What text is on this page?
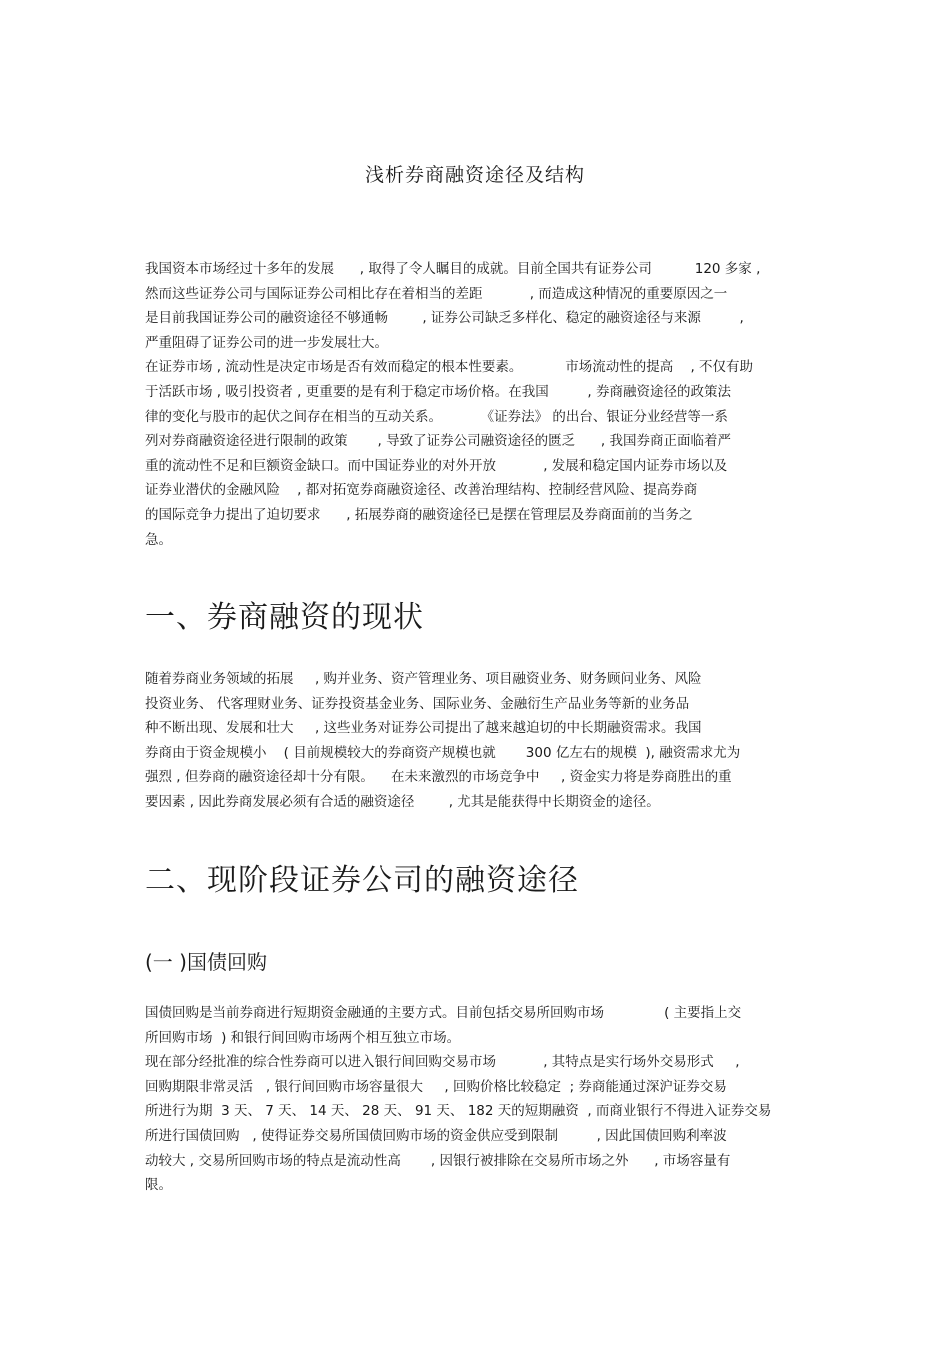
浅析券商融资途径及结构
我国资本市场经过十多年的发展      , 取得了令人瞩目的成就。目前全国共有证券公司          120 多家 ,
然而这些证券公司与国际证券公司相比存在着相当的差距           , 而造成这种情况的重要原因之一
是目前我国证券公司的融资途径不够通畅        , 证券公司缺乏多样化、稳定的融资途径与来源         ,
严重阻碍了证券公司的进一步发展壮大。
在证券市场 , 流动性是决定市场是否有效而稳定的根本性要素。          市场流动性的提高    , 不仅有助
于活跃市场 , 吸引投资者 , 更重要的是有利于稳定市场价格。在我国         , 券商融资途径的政策法
律的变化与股市的起伏之间存在相当的互动关系。         《证券法》 的出台、银证分业经营等一系
列对券商融资途径进行限制的政策       , 导致了证券公司融资途径的匮乏      , 我国券商正面临着严
重的流动性不足和巨额资金缺口。而中国证券业的对外开放           , 发展和稳定国内证券市场以及
证券业潜伏的金融风险    , 都对拓宽券商融资途径、改善治理结构、控制经营风险、提高券商
的国际竞争力提出了迫切要求      , 拓展券商的融资途径已是摆在管理层及券商面前的当务之
急。
一、券商融资的现状
随着券商业务领域的拓展     , 购并业务、资产管理业务、项目融资业务、财务顾问业务、风险
投资业务、 代客理财业务、证券投资基金业务、国际业务、金融衍生产品业务等新的业务品
种不断出现、发展和壮大     , 这些业务对证券公司提出了越来越迫切的中长期融资需求。我国
券商由于资金规模小    ( 目前规模较大的券商资产规模也就       300 亿左右的规模  ), 融资需求尤为
强烈 , 但券商的融资途径却十分有限。    在未来激烈的市场竞争中     , 资金实力将是券商胜出的重
要因素 , 因此券商发展必须有合适的融资途径        , 尤其是能获得中长期资金的途径。
二、现阶段证券公司的融资途径
(一 )国债回购
国债回购是当前券商进行短期资金融通的主要方式。目前包括交易所回购市场              ( 主要指上交
所回购市场  ) 和银行间回购市场两个相互独立市场。
现在部分经批准的综合性券商可以进入银行间回购交易市场           , 其特点是实行场外交易形式     ,
回购期限非常灵活   , 银行间回购市场容量很大     , 回购价格比较稳定  ; 券商能通过深沪证券交易
所进行为期  3 天、 7 天、 14 天、 28 天、 91 天、 182 天的短期融资  , 而商业银行不得进入证券交易
所进行国债回购   , 使得证券交易所国债回购市场的资金供应受到限制         , 因此国债回购利率波
动较大 , 交易所回购市场的特点是流动性高       , 因银行被排除在交易所市场之外      , 市场容量有
限。
